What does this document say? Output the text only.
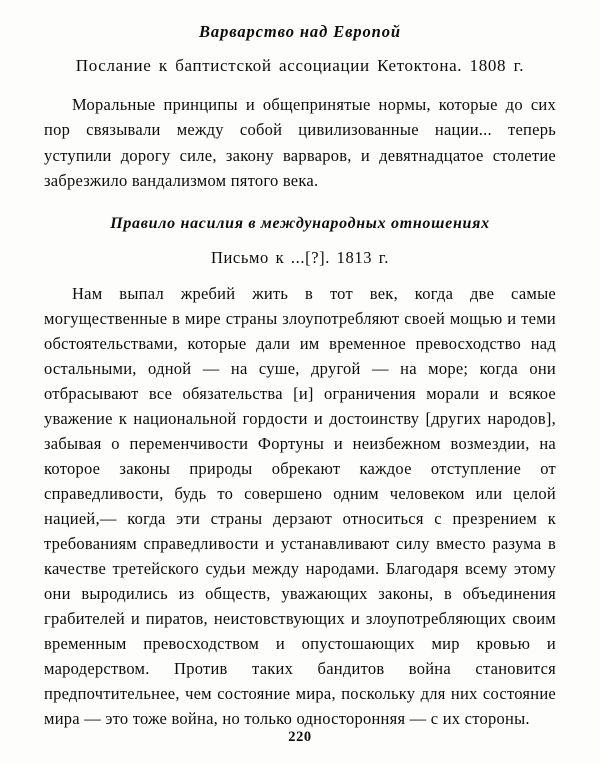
Варварство над Европой
Послание к баптистской ассоциации Кетоктона. 1808 г.

Моральные принципы и общепринятые нормы, которые до сих пор связывали между собой цивилизованные нации... теперь уступили дорогу силе, закону варваров, и девятнадцатое столетие забрезжило вандализмом пятого века.

Правило насилия в международных отношениях
Письмо к ...[?]. 1813 г.

Нам выпал жребий жить в тот век, когда две самые могущественные в мире страны злоупотребляют своей мощью и теми обстоятельствами, которые дали им временное превосходство над остальными, одной — на суше, другой — на море; когда они отбрасывают все обязательства [и] ограничения морали и всякое уважение к национальной гордости и достоинству [других народов], забывая о переменчивости Фортуны и неизбежном возмездии, на которое законы природы обрекают каждое отступление от справедливости, будь то совершено одним человеком или целой нацией,— когда эти страны дерзают относиться с презрением к требованиям справедливости и устанавливают силу вместо разума в качестве третейского судьи между народами. Благодаря всему этому они выродились из обществ, уважающих законы, в объединения грабителей и пиратов, неистовствующих и злоупотребляющих своим временным превосходством и опустошающих мир кровью и мародерством. Против таких бандитов война становится предпочтительнее, чем состояние мира, поскольку для них состояние мира — это тоже война, но только односторонняя — с их стороны.

220
